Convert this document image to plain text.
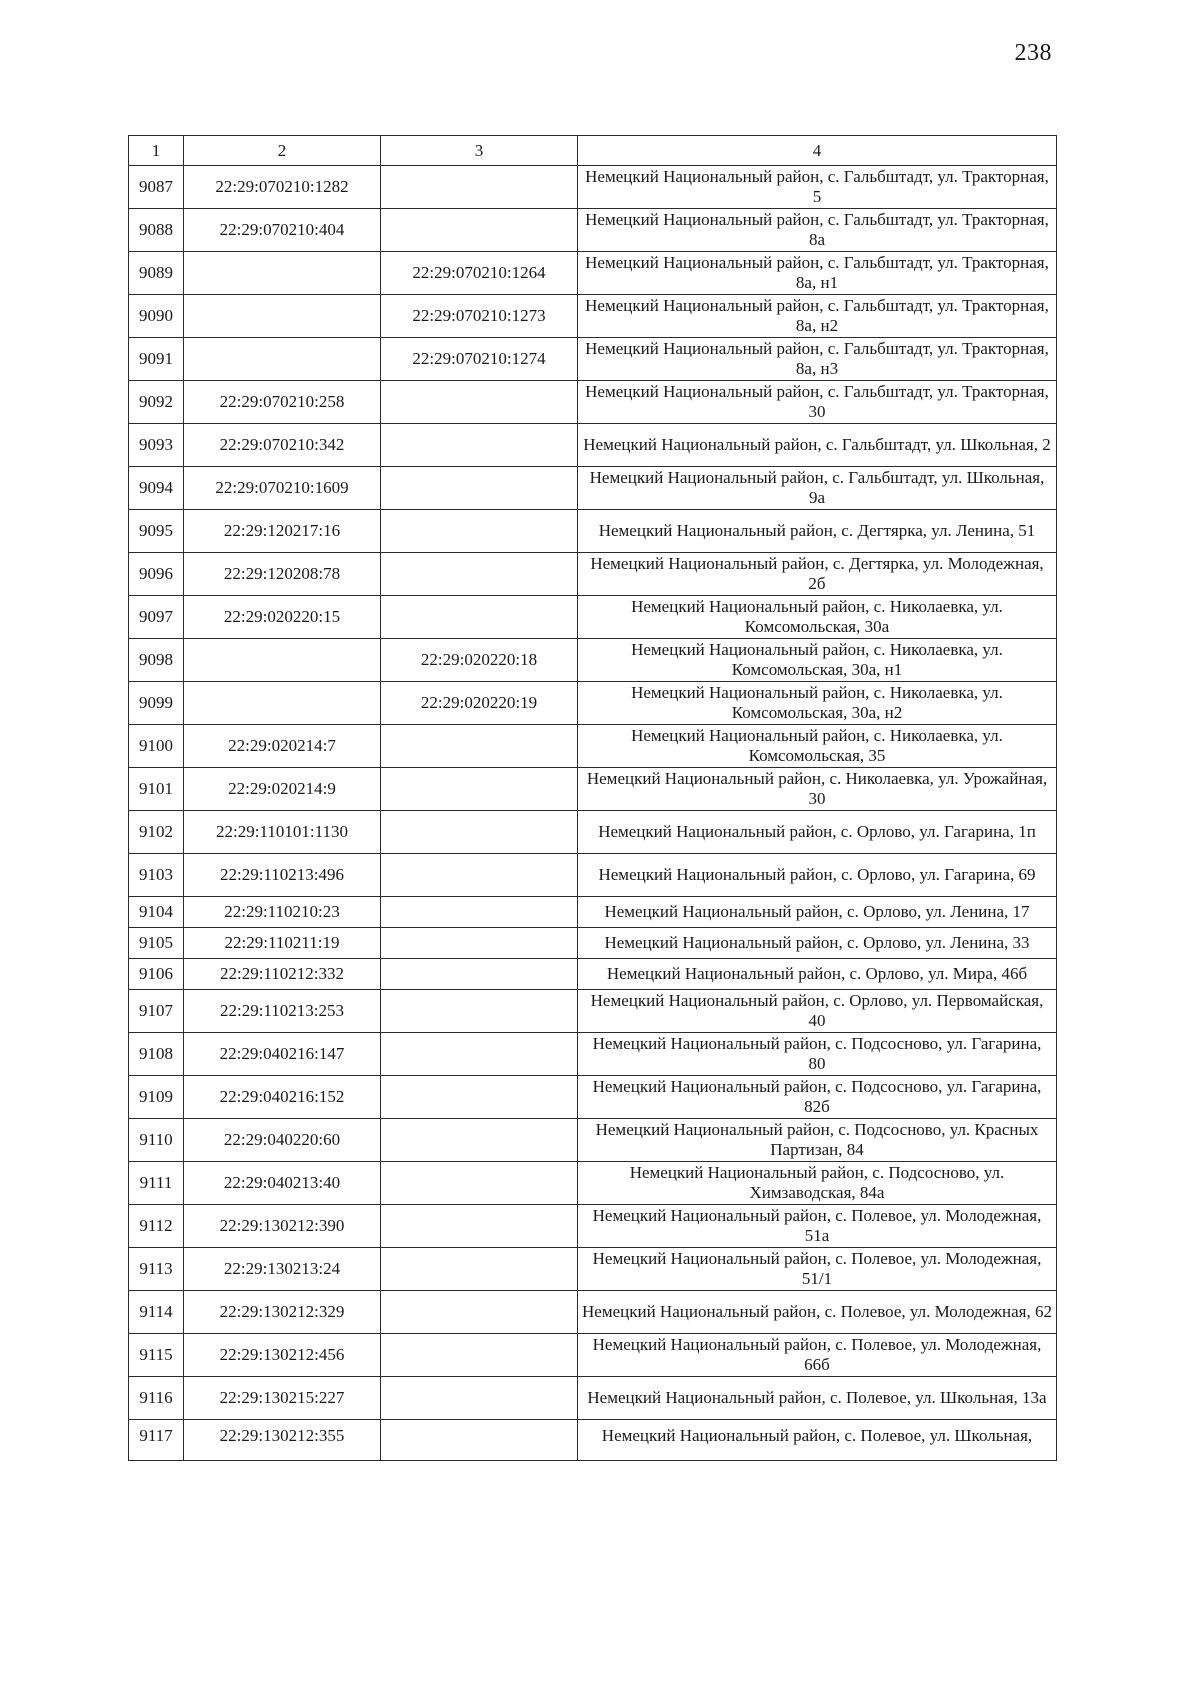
238
1	2	3	4
9087	22:29:070210:1282		Немецкий Национальный район, с. Гальбштадт, ул. Тракторная, 5
9088	22:29:070210:404		Немецкий Национальный район, с. Гальбштадт, ул. Тракторная, 8а
9089		22:29:070210:1264	Немецкий Национальный район, с. Гальбштадт, ул. Тракторная, 8а, н1
9090		22:29:070210:1273	Немецкий Национальный район, с. Гальбштадт, ул. Тракторная, 8а, н2
9091		22:29:070210:1274	Немецкий Национальный район, с. Гальбштадт, ул. Тракторная, 8а, н3
9092	22:29:070210:258		Немецкий Национальный район, с. Гальбштадт, ул. Тракторная, 30
9093	22:29:070210:342		Немецкий Национальный район, с. Гальбштадт, ул. Школьная, 2
9094	22:29:070210:1609		Немецкий Национальный район, с. Гальбштадт, ул. Школьная, 9а
9095	22:29:120217:16		Немецкий Национальный район, с. Дегтярка, ул. Ленина, 51
9096	22:29:120208:78		Немецкий Национальный район, с. Дегтярка, ул. Молодежная, 2б
9097	22:29:020220:15		Немецкий Национальный район, с. Николаевка, ул. Комсомольская, 30а
9098		22:29:020220:18	Немецкий Национальный район, с. Николаевка, ул. Комсомольская, 30а, н1
9099		22:29:020220:19	Немецкий Национальный район, с. Николаевка, ул. Комсомольская, 30а, н2
9100	22:29:020214:7		Немецкий Национальный район, с. Николаевка, ул. Комсомольская, 35
9101	22:29:020214:9		Немецкий Национальный район, с. Николаевка, ул. Урожайная, 30
9102	22:29:110101:1130		Немецкий Национальный район, с. Орлово, ул. Гагарина, 1п
9103	22:29:110213:496		Немецкий Национальный район, с. Орлово, ул. Гагарина, 69
9104	22:29:110210:23		Немецкий Национальный район, с. Орлово, ул. Ленина, 17
9105	22:29:110211:19		Немецкий Национальный район, с. Орлово, ул. Ленина, 33
9106	22:29:110212:332		Немецкий Национальный район, с. Орлово, ул. Мира, 46б
9107	22:29:110213:253		Немецкий Национальный район, с. Орлово, ул. Первомайская, 40
9108	22:29:040216:147		Немецкий Национальный район, с. Подсосново, ул. Гагарина, 80
9109	22:29:040216:152		Немецкий Национальный район, с. Подсосново, ул. Гагарина, 82б
9110	22:29:040220:60		Немецкий Национальный район, с. Подсосново, ул. Красных Партизан, 84
9111	22:29:040213:40		Немецкий Национальный район, с. Подсосново, ул. Химзаводская, 84а
9112	22:29:130212:390		Немецкий Национальный район, с. Полевое, ул. Молодежная, 51а
9113	22:29:130213:24		Немецкий Национальный район, с. Полевое, ул. Молодежная, 51/1
9114	22:29:130212:329		Немецкий Национальный район, с. Полевое, ул. Молодежная, 62
9115	22:29:130212:456		Немецкий Национальный район, с. Полевое, ул. Молодежная, 66б
9116	22:29:130215:227		Немецкий Национальный район, с. Полевое, ул. Школьная, 13а
9117	22:29:130212:355		Немецкий Национальный район, с. Полевое, ул. Школьная,
